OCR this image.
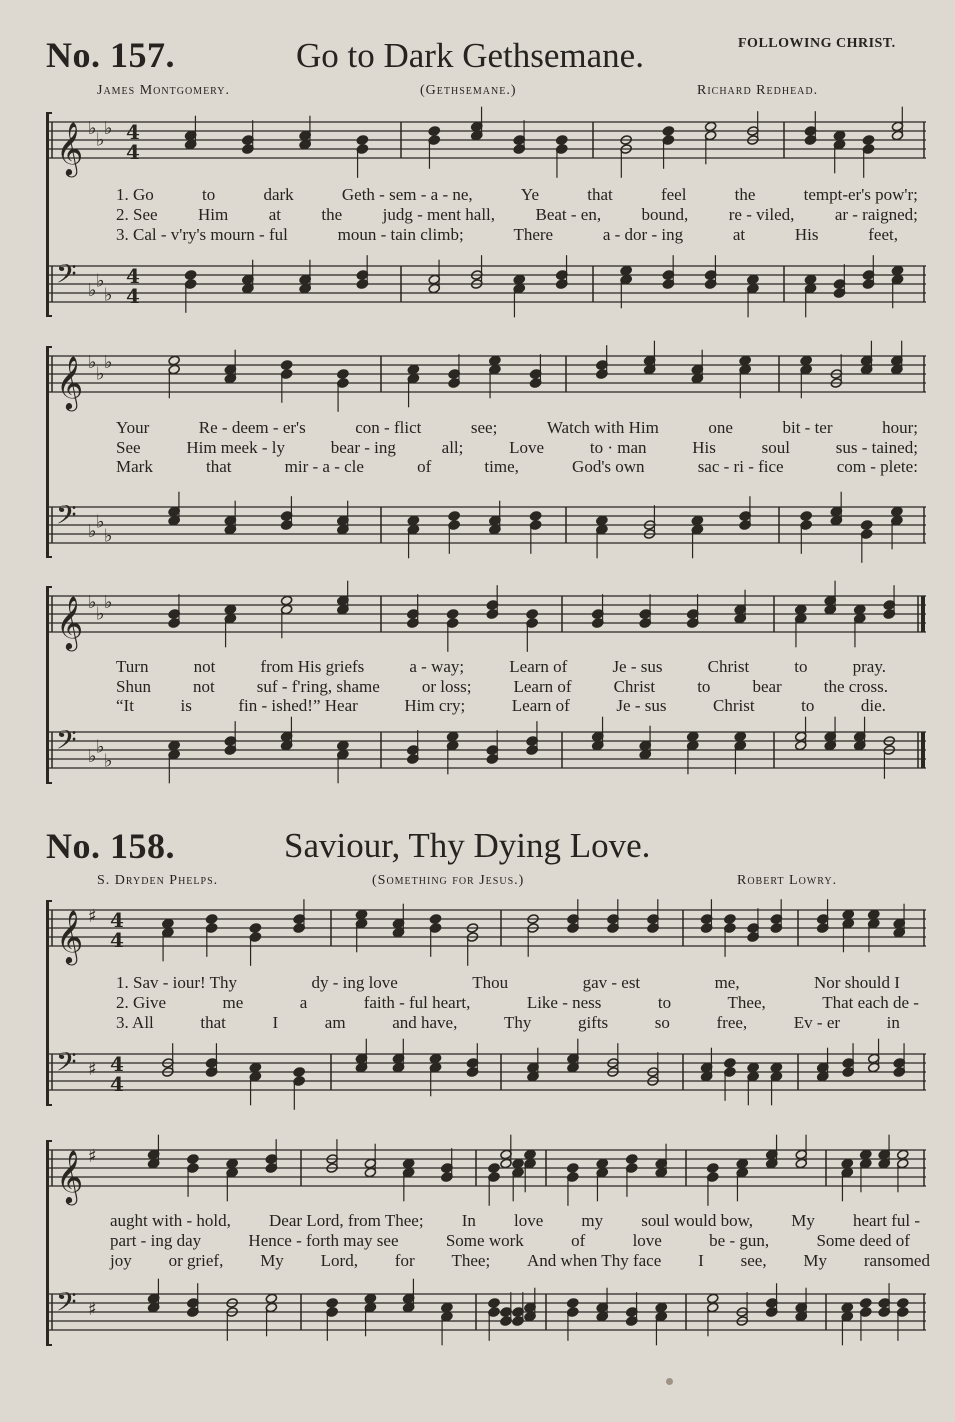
No. 157.	Go to Dark Gethsemane.	FOLLOWING CHRIST.
James Montgomery.	(Gethsemane.)	Richard Redhead.
𝄞 ♭
♭
♭ 4
4
1. Go	to	dark	Geth - sem - a - ne,	Ye	that	feel	the	tempt-er's pow'r;
2. See Him at the judg - ment hall, Beat - en, bound, re - viled, ar - raigned;
3. Cal - v'ry's mourn - ful	moun - tain climb;	There	a - dor - ing	at	His	feet,
𝄢 ♭ ♭
♭
4
4
𝄞 ♭
♭
♭
Your	Re - deem - er's	con - flict	see;	Watch with Him	one	bit - ter	hour;
See	Him meek - ly	bear - ing	all;	Love	to · man	His	soul	sus - tained;
Mark	that	mir - a - cle	of	time,	God's own	sac - ri - fice	com - plete:
𝄢 ♭ ♭
♭
𝄞 ♭
♭
♭
Turn	not	from His griefs	a - way;	Learn of	Je - sus	Christ	to	pray.
Shun not suf - f'ring, shame or loss; Learn of Christ to bear the cross.
“It	is	fin - ished!” Hear	Him cry;	Learn of	Je - sus	Christ	to	die.
𝄢 ♭ ♭
♭
No. 158.	Saviour, Thy Dying Love.
S. Dryden Phelps.	(Something for Jesus.)	Robert Lowry.
𝄞 ♯ 4
4
1. Sav - iour! Thy	dy - ing love	Thou	gav - est	me,	Nor should I
2. Give	me	a	faith - ful heart,	Like - ness	to	Thee,	That each de -
3. All	that	I	am	and have,	Thy	gifts	so	free,	Ev - er	in
𝄢 ♯ 4
4
𝄞 ♯
aught with - hold, Dear Lord, from Thee; In love my soul would bow, My heart ful -
part - ing day	Hence - forth may see	Some work	of	love	be - gun,	Some deed of
joy or grief, My Lord, for Thee; And when Thy face I see, My ransomed
𝄢 ♯
